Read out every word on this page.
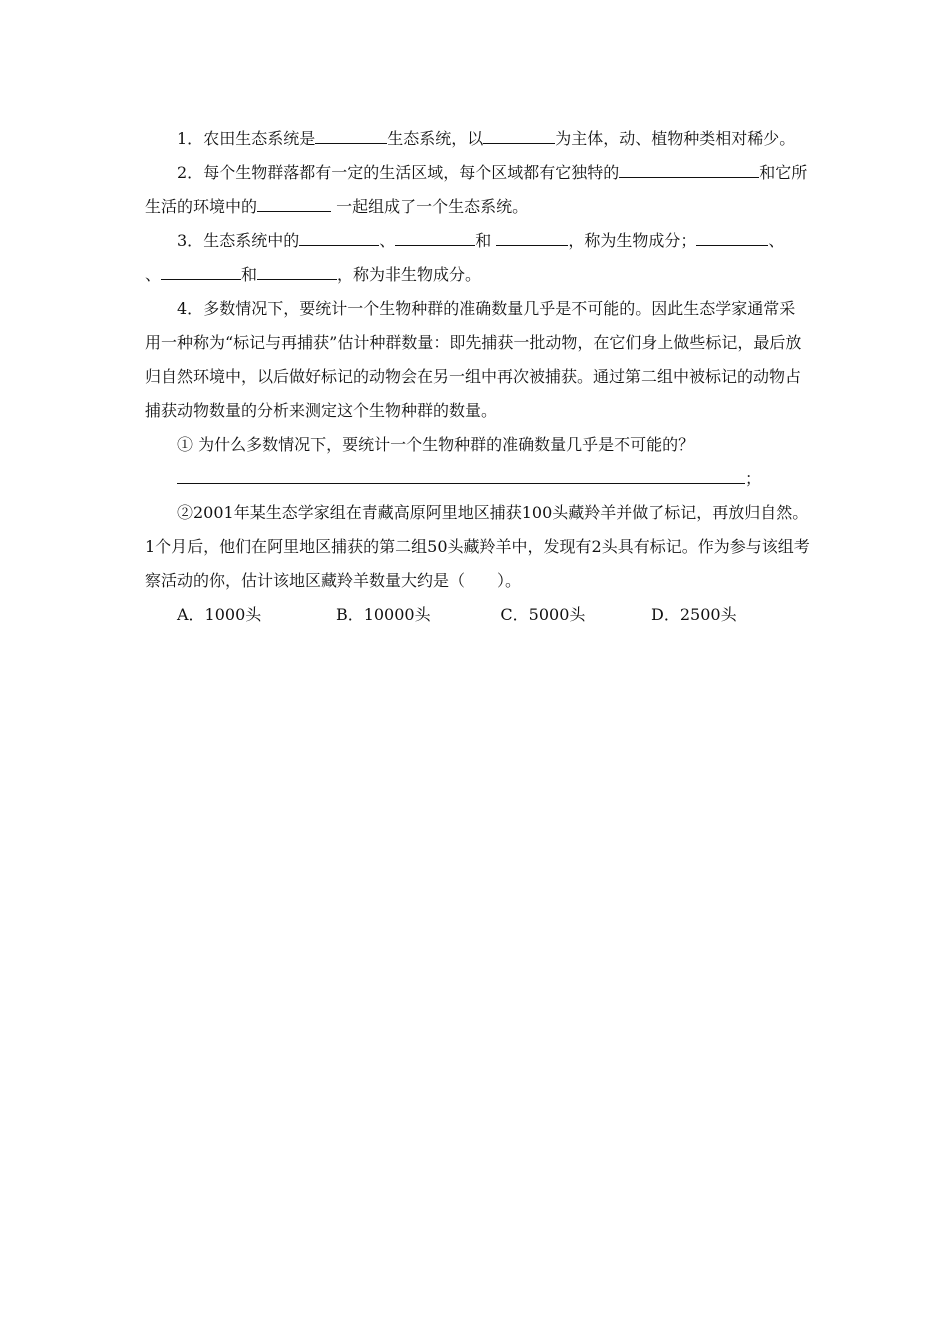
1．农田生态系统是	生态系统，以	为主体，动、植物种类相对稀少。

2．每个生物群落都有一定的生活区域，每个区域都有它独特的	和它所生活的环境中的	一起组成了一个生态系统。

3．生态系统中的	、	和	，称为生物成分；	、
、	和	，称为非生物成分。

4．多数情况下，要统计一个生物种群的准确数量几乎是不可能的。因此生态学家通常采用一种称为“标记与再捕获”估计种群数量：即先捕获一批动物，在它们身上做些标记，最后放归自然环境中，以后做好标记的动物会在另一组中再次被捕获。通过第二组中被标记的动物占捕获动物数量的分析来测定这个生物种群的数量。

① 为什么多数情况下，要统计一个生物种群的准确数量几乎是不可能的？

；

②2001年某生态学家组在青藏高原阿里地区捕获100头藏羚羊并做了标记，再放归自然。1个月后，他们在阿里地区捕获的第二组50头藏羚羊中，发现有2头具有标记。作为参与该组考察活动的你，估计该地区藏羚羊数量大约是（　　）。

A．1000头	B．10000头	C．5000头	D．2500头
